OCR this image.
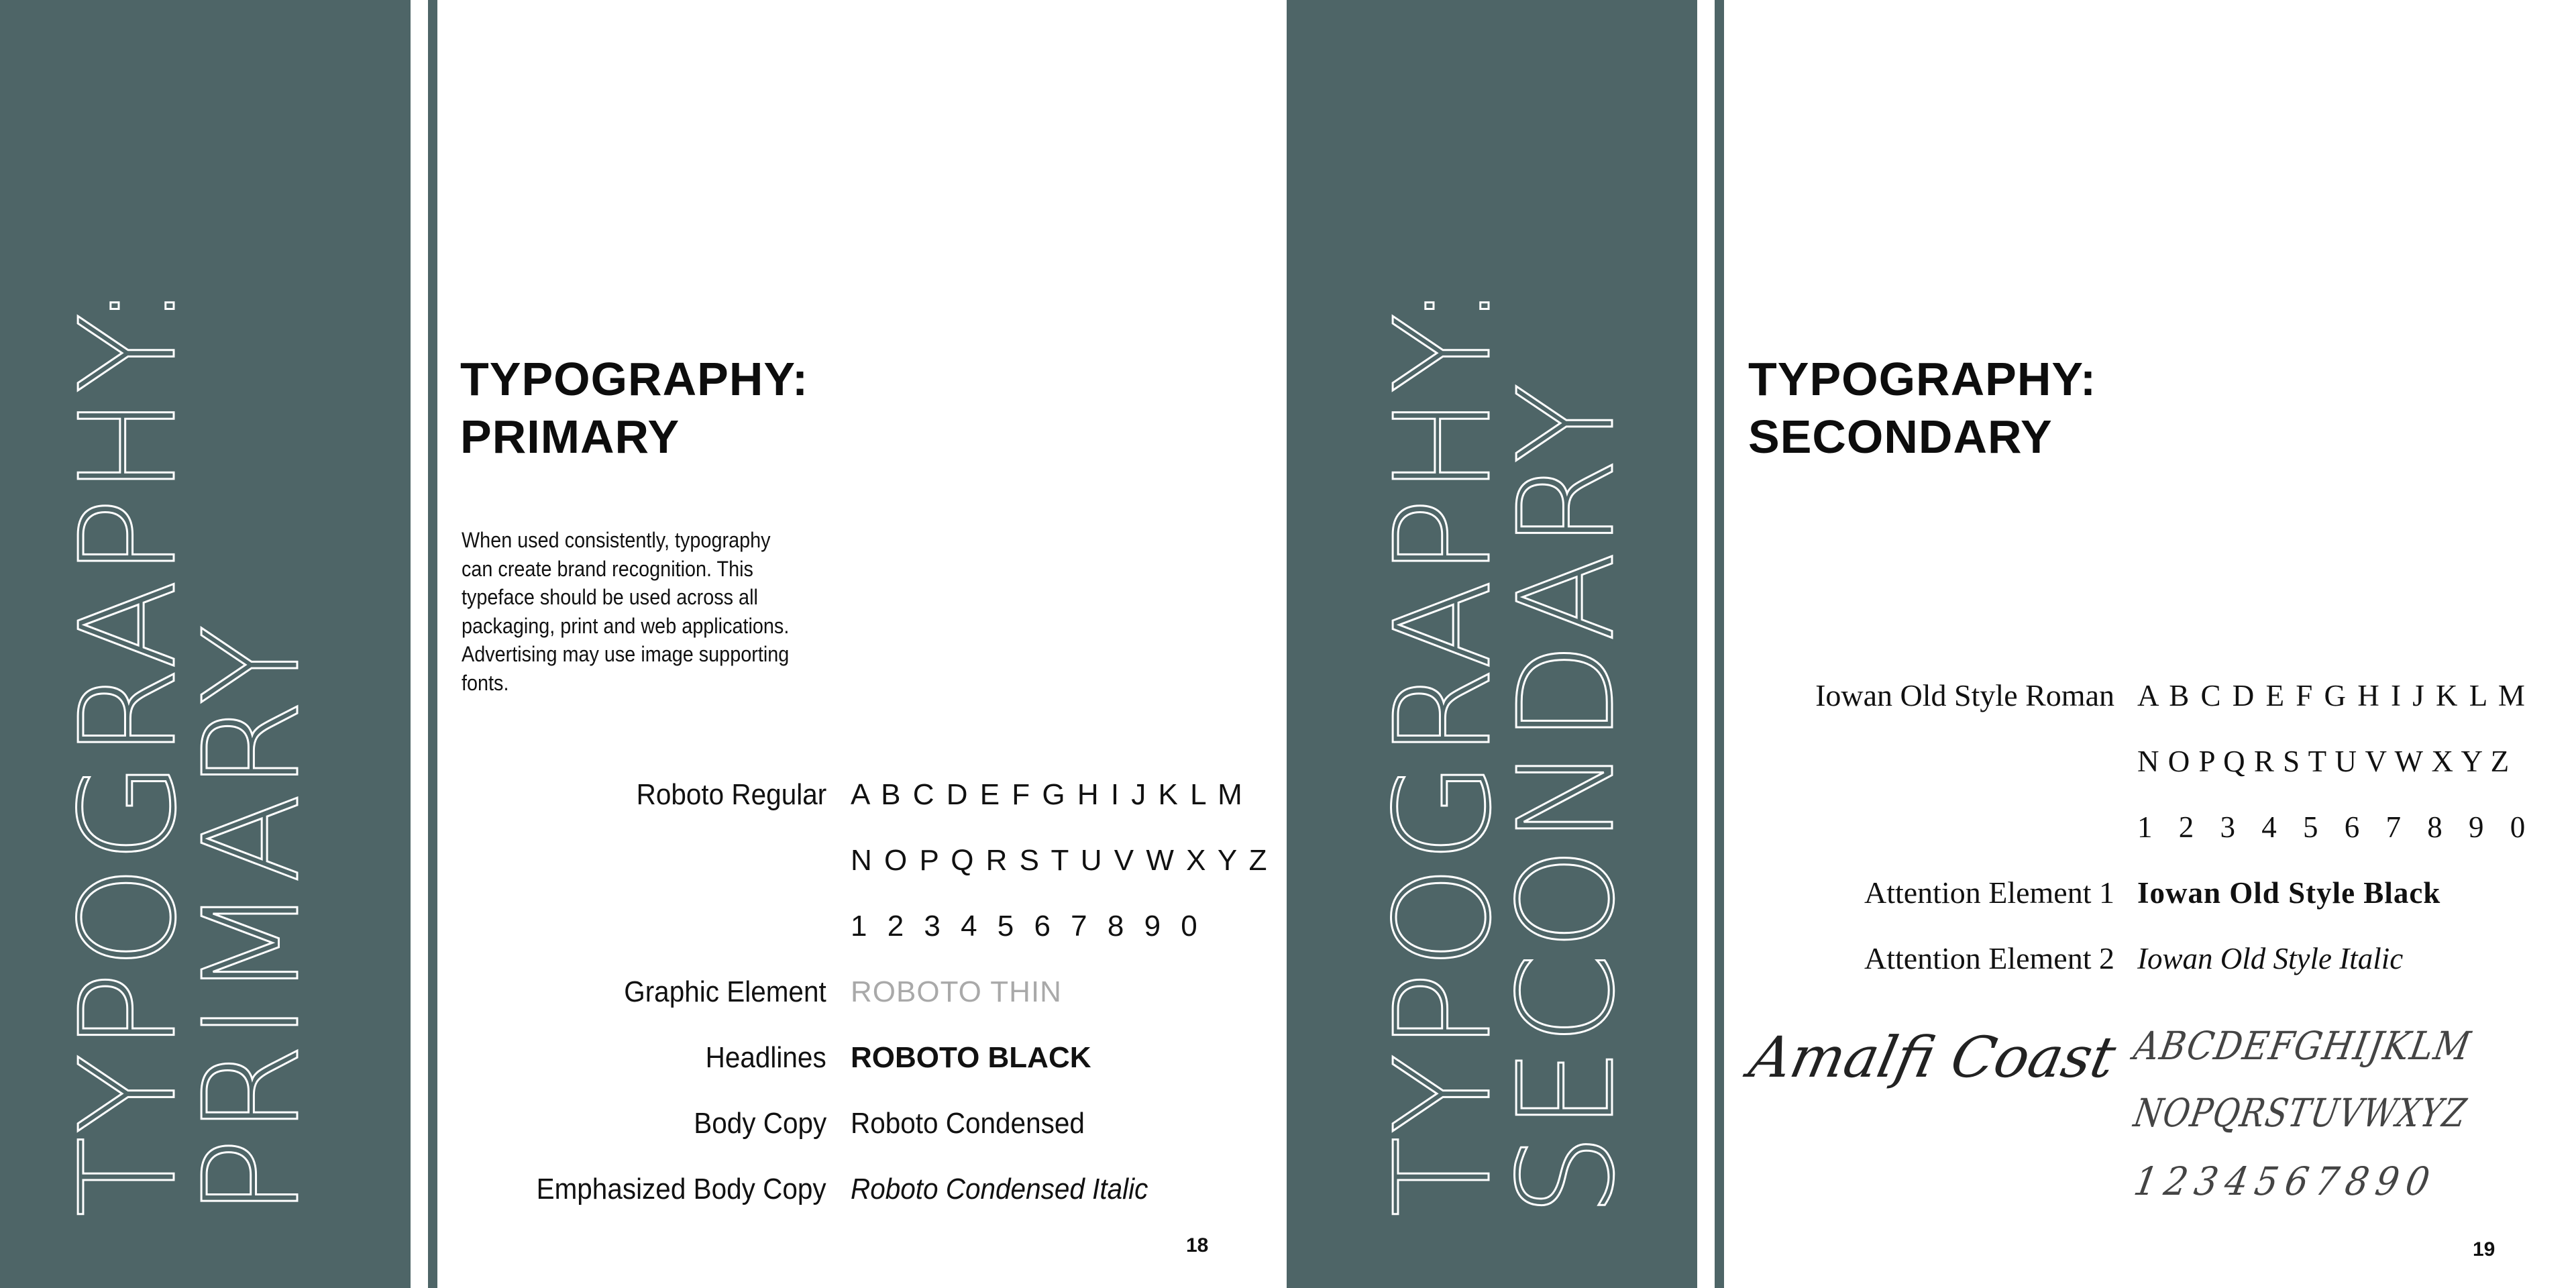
TYPOGRAPHY:
PRIMARY
TYPOGRAPHY:
PRIMARY

When used consistently, typography can create brand recognition. This typeface should be used across all packaging, print and web applications. Advertising may use image supporting fonts.

Roboto Regular A B C D E F G H I J K L M
N O P Q R S T U V W X Y Z
1 2 3 4 5 6 7 8 9 0
Graphic Element ROBOTO THIN
Headlines ROBOTO BLACK
Body Copy Roboto Condensed
Emphasized Body Copy Roboto Condensed Italic
18
TYPOGRAPHY:
SECONDARY
TYPOGRAPHY:
SECONDARY
Iowan Old Style Roman A B C D E F G H I J K L M
N O P Q R S T U V W X Y Z
1 2 3 4 5 6 7 8 9 0
Attention Element 1 Iowan Old Style Black
Attention Element 2 Iowan Old Style Italic
Amalfi Coast ABCDEFGHIJKLM
NOPQRSTUVWXYZ
1234567890
19
